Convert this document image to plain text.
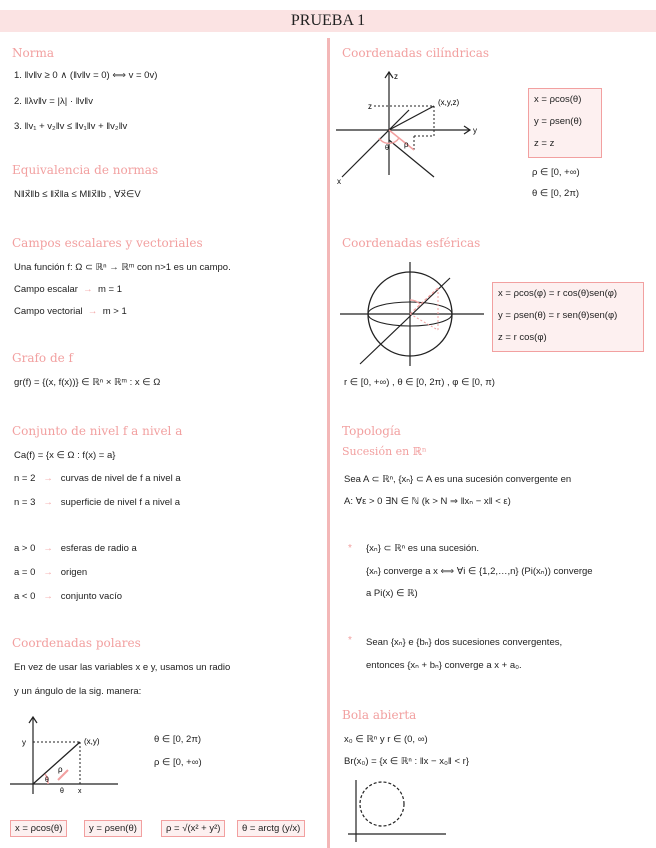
PRUEBA 1
Norma
1. ‖v‖v ≥ 0 ∧ (‖v‖v = 0) ⟺ v = 0v)
2. ‖λv‖v = |λ| · ‖v‖v
3. ‖v₁ + v₂‖v ≤ ‖v₁‖v + ‖v₂‖v
Equivalencia de normas
N‖x⃗‖b ≤ ‖x⃗‖a ≤ M‖x⃗‖b , ∀x⃗∈V
Campos escalares y vectoriales
Una función f: Ω ⊂ ℝⁿ → ℝᵐ con n>1 es un campo.
Campo escalar → m = 1
Campo vectorial → m > 1
Grafo de f
gr(f) = {(x, f(x))} ∈ ℝⁿ × ℝᵐ : x ∈ Ω
Conjunto de nivel f a nivel a
Ca(f) = {x ∈ Ω : f(x) = a}
n = 2 → curvas de nivel de f a nivel a
n = 3 → superficie de nivel f a nivel a
a > 0 → esferas de radio a
a = 0 → origen
a < 0 → conjunto vacío
Coordenadas polares
En vez de usar las variables x e y, usamos un radio
y un ángulo de la sig. manera:
y	(x,y)
ρ
θ
θ x
θ ∈ [0, 2π)
ρ ∈ [0, +∞)
x = ρcos(θ)	y = ρsen(θ)	ρ = √(x² + y²)	θ = arctg (y/x)
Coordenadas cilíndricas
z
y
x
(x,y,z)
z
ρ
θ
x = ρcos(θ)
y = ρsen(θ)
z = z
ρ ∈ [0, +∞)
θ ∈ [0, 2π)
Coordenadas esféricas
x = ρcos(φ) = r cos(θ)sen(φ)
y = ρsen(θ) = r sen(θ)sen(φ)
z = r cos(φ)
r ∈ [0, +∞) , θ ∈ [0, 2π) , φ ∈ [0, π)
Topología
Sucesión en ℝⁿ
Sea A ⊂ ℝⁿ, {xₙ} ⊂ A es una sucesión convergente en
A: ∀ε > 0 ∃N ∈ ℕ (k > N ⇒ ‖xₙ − x‖ < ε)
* {xₙ} ⊂ ℝⁿ es una sucesión.
{xₙ} converge a x ⟺ ∀i ∈ {1,2,…,n} (Pi(xₙ)) converge
a Pi(x) ∈ ℝ)
* Sean {xₙ} e {bₙ} dos sucesiones convergentes,
entonces {xₙ + bₙ} converge a x + a₀.
Bola abierta
x₀ ∈ ℝⁿ y r ∈ (0, ∞)
Br(x₀) = {x ∈ ℝⁿ : ‖x − x₀‖ < r}
